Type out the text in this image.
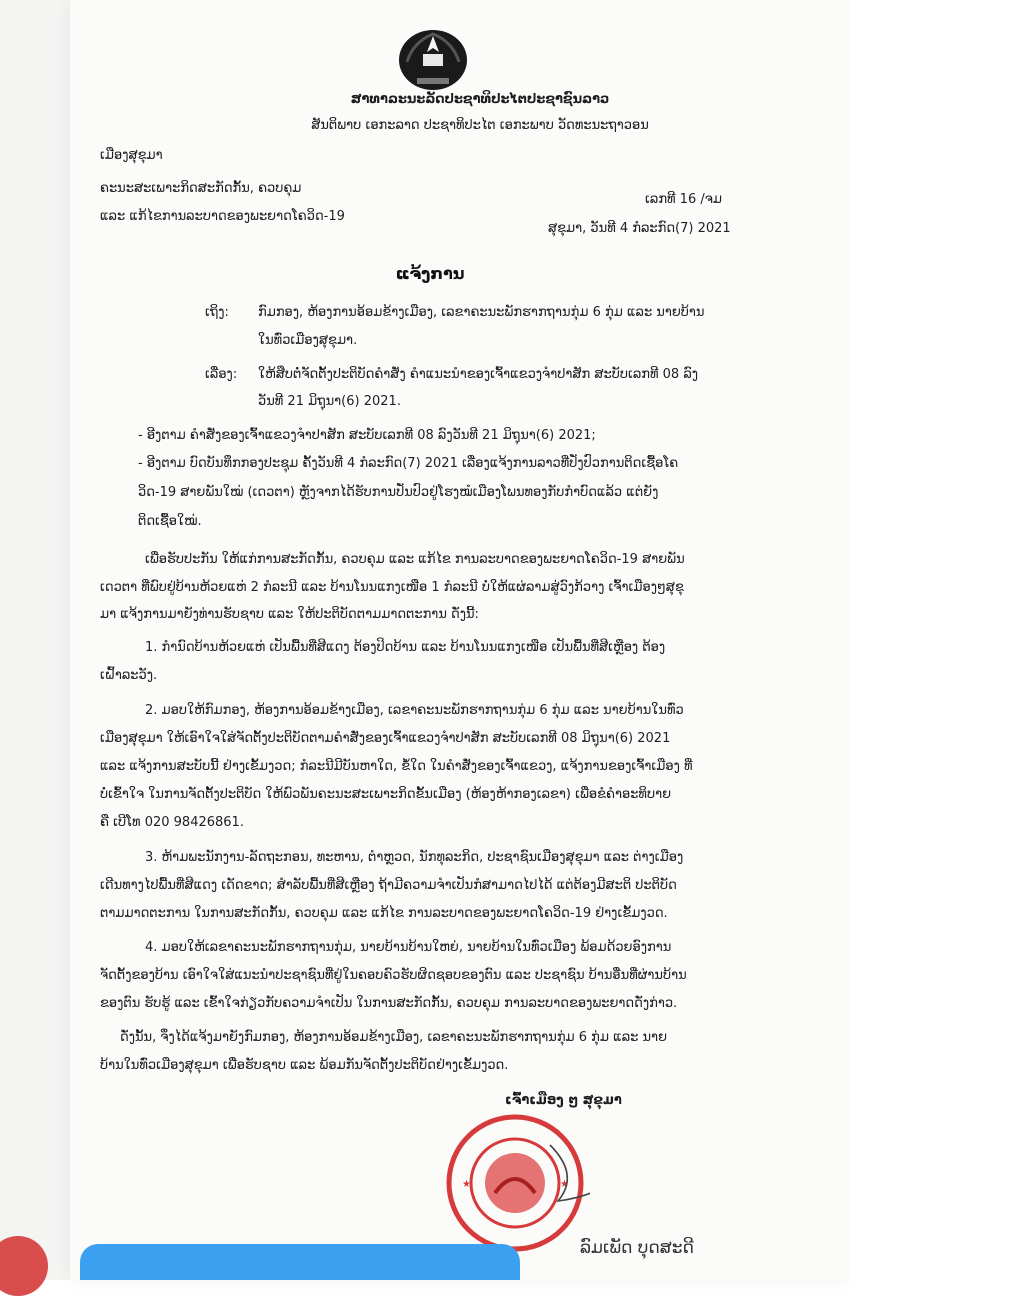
ສາທາລະນະລັດປະຊາທິປະໄຕປະຊາຊົນລາວ
ສັນຕິພາບ ເອກະລາດ ປະຊາທິປະໄຕ ເອກະພາບ ວັດທະນະຖາວອນ
ເມືອງສຸຂຸມາ
ຄະນະສະເພາະກິດສະກັດກັ້ນ, ຄວບຄຸມ
ແລະ ແກ້ໄຂການລະບາດຂອງພະຍາດໂຄວິດ-19
ເລກທີ 16 /ຈມ
ສຸຂຸມາ, ວັນທີ 4 ກໍລະກົດ(7) 2021
ແຈ້ງການ
ເຖິງ: ກົມກອງ, ຫ້ອງການອ້ອມຂ້າງເມືອງ, ເລຂາຄະນະພັກຮາກຖານກຸ່ມ 6 ກຸ່ມ ແລະ ນາຍບ້ານ
ໃນທົ່ວເມືອງສຸຂຸມາ.
ເລື່ອງ: ໃຫ້ສືບຕໍ່ຈັດຕັ້ງປະຕິບັດຄຳສັ່ງ ຄຳແນະນຳຂອງເຈົ້າແຂວງຈຳປາສັກ ສະບັບເລກທີ 08 ລົງ
ວັນທີ 21 ມິຖຸນາ(6) 2021.
- ອີງຕາມ ຄຳສັ່ງຂອງເຈົ້າແຂວງຈຳປາສັກ ສະບັບເລກທີ 08 ລົງວັນທີ 21 ມິຖຸນາ(6) 2021;
- ອີງຕາມ ບົດບັນທຶກກອງປະຊຸມ ຄັ້ງວັນທີ 4 ກໍລະກົດ(7) 2021 ເລື່ອງແຈ້ງການລາວທີ່ປັ່ງປົວການຕິດເຊື້ອໂຄ
ວິດ-19 ສາຍພັນໃໝ່ (ເດວຕາ) ຫຼັງຈາກໄດ້ຮັບການປັ່ນປົວຢູ່ໂຮງໝໍເມືອງໂພນທອງກັບກໍາບົດແລ້ວ ແຕ່ຍັງ
ຕິດເຊື້ອໃໝ່.
ເພື່ອຮັບປະກັນ ໃຫ້ແກ່ການສະກັດກັ້ນ, ຄວບຄຸມ ແລະ ແກ້ໄຂ ການລະບາດຂອງພະຍາດໂຄວິດ-19 ສາຍພັນ
ເດວຕາ ທີ່ພົບຢູ່ບ້ານຫ້ວຍແຫ່ 2 ກໍລະນີ ແລະ ບ້ານໂນນແກງເໜືອ 1 ກໍລະນີ ບໍ່ໃຫ້ແຜ່ລາມສູ່ວົງກ້ວາງ ເຈົ້າເມືອງໆສຸຂຸ
ມາ ແຈ້ງການມາຍັງທ່ານຮັບຊາບ ແລະ ໃຫ້ປະຕິບັດຕາມມາດຕະການ ດັ່ງນີ້:
1. ກໍານົດບ້ານຫ້ວຍແຫ່ ເປັນພື້ນທີ່ສີແດງ ຕ້ອງປິດບ້ານ ແລະ ບ້ານໂນນແກງເໜືອ ເປັນພື້ນທີ່ສີເຫຼືອງ ຕ້ອງ
ເຝົ້າລະວັງ.
2. ມອບໃຫ້ກົມກອງ, ຫ້ອງການອ້ອມຂ້າງເມືອງ, ເລຂາຄະນະພັກຮາກຖານກຸ່ມ 6 ກຸ່ມ ແລະ ນາຍບ້ານໃນທົ່ວ
ເມືອງສຸຂຸມາ ໃຫ້ເອົາໃຈໃສ່ຈັດຕັ້ງປະຕິບັດຕາມຄຳສັ່ງຂອງເຈົ້າແຂວງຈຳປາສັກ ສະບັບເລກທີ 08 ມິຖຸນາ(6) 2021
ແລະ ແຈ້ງການສະບັບນີ້ ຢ່າງເຂັ້ມງວດ; ກໍລະນີມີບັນຫາໃດ, ຂໍ້ໃດ ໃນຄຳສັ່ງຂອງເຈົ້າແຂວງ, ແຈ້ງການຂອງເຈົ້າເມືອງ ທີ່
ບໍ່ເຂົ້າໃຈ ໃນການຈັດຕັ້ງປະຕິບັດ ໃຫ້ພົວພັນຄະນະສະເພາະກິດຂັ້ນເມືອງ (ຫ້ອງຫ້າກອງເລຂາ) ເພື່ອຂໍຄຳອະທິບາຍ
ຄື ເບີໂທ 020 98426861.
3. ຫ້າມພະນັກງານ-ລັດຖະກອນ, ທະຫານ, ຕໍາຫຼວດ, ນັກທຸລະກິດ, ປະຊາຊົນເມືອງສຸຂຸມາ ແລະ ຕ່າງເມືອງ
ເດີນທາງໄປພື້ນທີ່ສີແດງ ເດັດຂາດ; ສໍາລັບພື້ນທີ່ສີເຫຼືອງ ຖ້າມີຄວາມຈຳເປັນກໍສາມາດໄປໄດ້ ແຕ່ຕ້ອງມີສະຕິ ປະຕິບັດ
ຕາມມາດຕະການ ໃນການສະກັດກັ້ນ, ຄວບຄຸມ ແລະ ແກ້ໄຂ ການລະບາດຂອງພະຍາດໂຄວິດ-19 ຢ່າງເຂັ້ມງວດ.
4. ມອບໃຫ້ເລຂາຄະນະພັກຮາກຖານກຸ່ມ, ນາຍບ້ານບ້ານໃຫຍ່, ນາຍບ້ານໃນທົ່ວເມືອງ ພ້ອມດ້ວຍອົງການ
ຈັດຕັ້ງຂອງບ້ານ ເອົາໃຈໃສ່ແນະນໍາປະຊາຊົນທີ່ຢູ່ໃນຄອບຄົວຮັບຜິດຊອບຂອງຕົນ ແລະ ປະຊາຊົນ ບ້ານອື່ນທີ່ຜ່ານບ້ານ
ຂອງຕົນ ຮັບຮູ້ ແລະ ເຂົ້າໃຈກ່ຽວກັບຄວາມຈຳເປັນ ໃນການສະກັດກັ້ນ, ຄວບຄຸມ ການລະບາດຂອງພະຍາດດັ່ງກ່າວ.
ດັ່ງນັ້ນ, ຈຶ່ງໄດ້ແຈ້ງມາຍັງກົມກອງ, ຫ້ອງການອ້ອມຂ້າງເມືອງ, ເລຂາຄະນະພັກຮາກຖານກຸ່ມ 6 ກຸ່ມ ແລະ ນາຍ
ບ້ານໃນທົ່ວເມືອງສຸຂຸມາ ເພື່ອຮັບຊາບ ແລະ ພ້ອມກັນຈັດຕັ້ງປະຕິບັດຢ່າງເຂັ້ມງວດ.
ເຈົ້າເມືອງ ໆ ສຸຂຸມາ
★	★
ລົມເພັດ ບຸດສະດີ
